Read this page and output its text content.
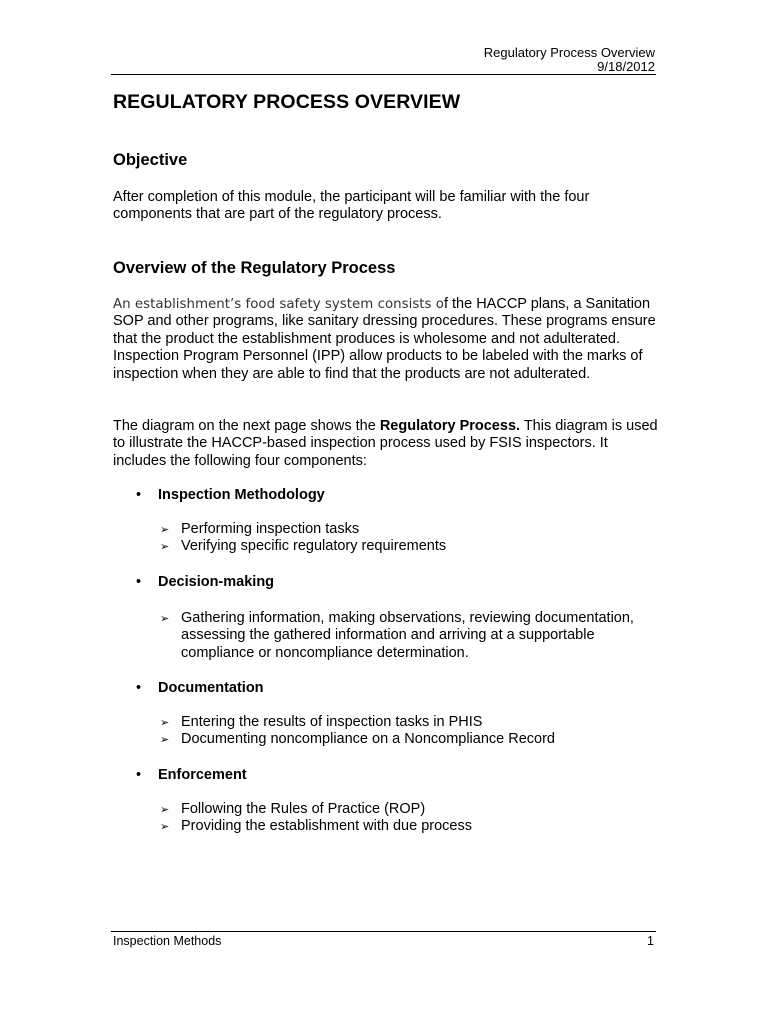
Regulatory Process Overview
9/18/2012
REGULATORY PROCESS OVERVIEW
Objective
After completion of this module, the participant will be familiar with the four components that are part of the regulatory process.
Overview of the Regulatory Process
An establishment’s food safety system consists of the HACCP plans, a Sanitation SOP and other programs, like sanitary dressing procedures. These programs ensure that the product the establishment produces is wholesome and not adulterated. Inspection Program Personnel (IPP) allow products to be labeled with the marks of inspection when they are able to find that the products are not adulterated.
The diagram on the next page shows the Regulatory Process. This diagram is used to illustrate the HACCP-based inspection process used by FSIS inspectors. It includes the following four components:
•	Inspection Methodology
➢ Performing inspection tasks
➢ Verifying specific regulatory requirements
•	Decision-making
➢ Gathering information, making observations, reviewing documentation, assessing the gathered information and arriving at a supportable compliance or noncompliance determination.
•	Documentation
➢ Entering the results of inspection tasks in PHIS
➢ Documenting noncompliance on a Noncompliance Record
•	Enforcement
➢ Following the Rules of Practice (ROP)
➢ Providing the establishment with due process
Inspection Methods	1
